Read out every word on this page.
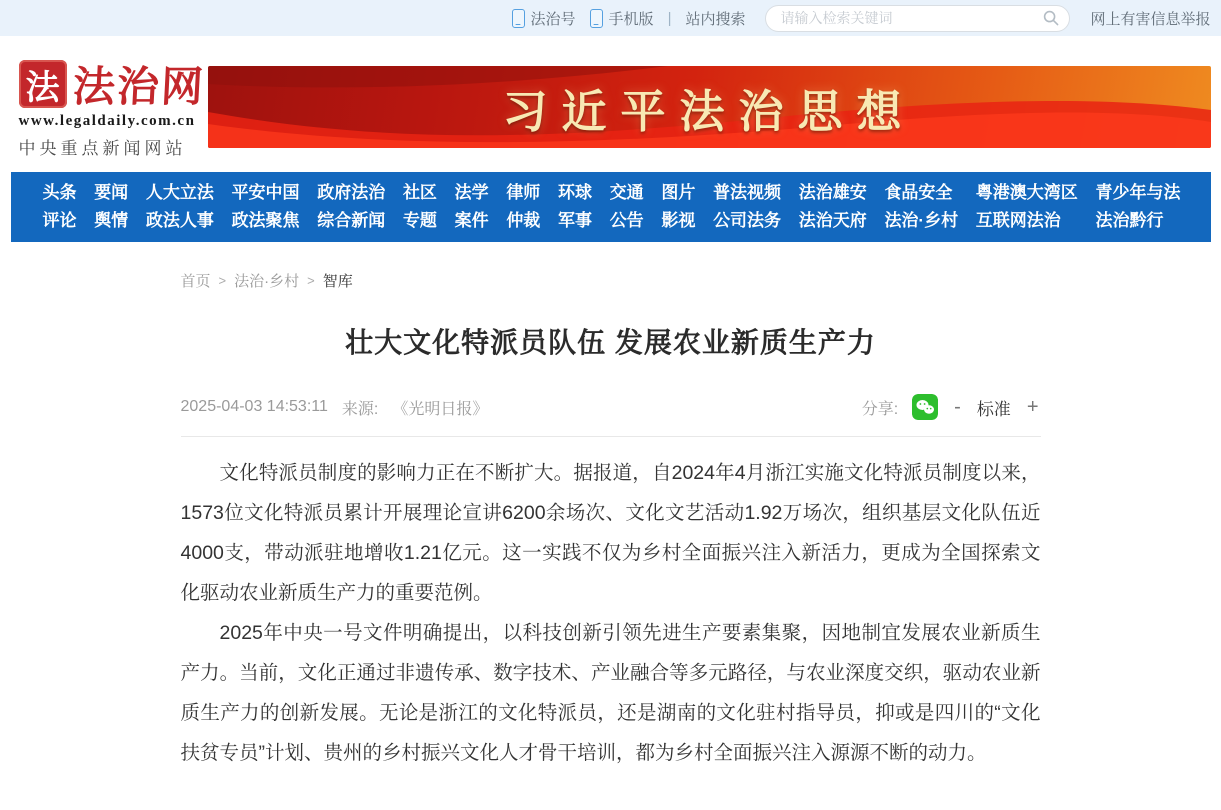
法治号 手机版 | 站内搜索
请输入检索关键词	网上有害信息举报
法 法治网
www.legaldaily.com.cn
中央重点新闻网站
习近平法治思想
头条
评论
要闻
舆情
人大立法
政法人事
平安中国
政法聚焦
政府法治
综合新闻
社区
专题
法学
案件
律师
仲裁
环球
军事
交通
公告
图片
影视
普法视频
公司法务
法治雄安
法治天府
食品安全
法治·乡村
粤港澳大湾区
互联网法治
青少年与法
法治黔行
首页 > 法治·乡村 > 智库
壮大文化特派员队伍 发展农业新质生产力
2025-04-03 14:53:11 来源: 《光明日报》	分享:	- 标准 +

文化特派员制度的影响力正在不断扩大。据报道，自2024年4月浙江实施文化特派员制度以来，1573位文化特派员累计开展理论宣讲6200余场次、文化文艺活动1.92万场次，组织基层文化队伍近4000支，带动派驻地增收1.21亿元。这一实践不仅为乡村全面振兴注入新活力，更成为全国探索文化驱动农业新质生产力的重要范例。

2025年中央一号文件明确提出，以科技创新引领先进生产要素集聚，因地制宜发展农业新质生产力。当前，文化正通过非遗传承、数字技术、产业融合等多元路径，与农业深度交织，驱动农业新质生产力的创新发展。无论是浙江的文化特派员，还是湖南的文化驻村指导员，抑或是四川的“文化扶贫专员”计划、贵州的乡村振兴文化人才骨干培训，都为乡村全面振兴注入源源不断的动力。
